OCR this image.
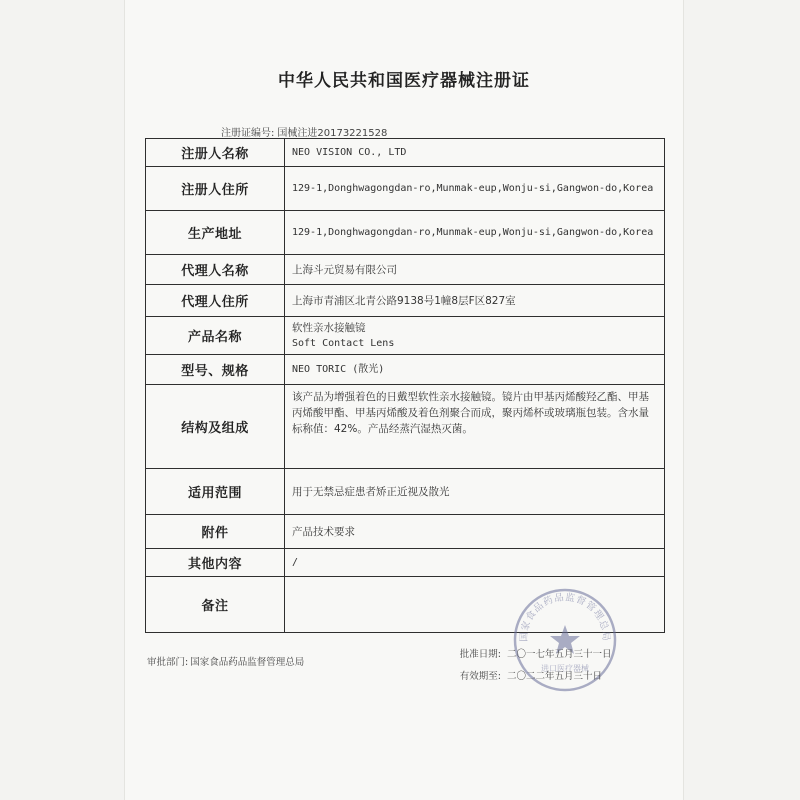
中华人民共和国医疗器械注册证
注册证编号: 国械注进20173221528
注册人名称	NEO VISION CO., LTD
注册人住所	129-1,Donghwagongdan-ro,Munmak-eup,Wonju-si,Gangwon-do,Korea
生产地址	129-1,Donghwagongdan-ro,Munmak-eup,Wonju-si,Gangwon-do,Korea
代理人名称	上海斗元贸易有限公司
代理人住所	上海市青浦区北青公路9138号1幢8层F区827室
产品名称	软性亲水接触镜
Soft Contact Lens

型号、规格	NEO TORIC (散光)
结构及组成	该产品为增强着色的日戴型软性亲水接触镜。镜片由甲基丙烯酸羟乙酯、甲基丙烯酸甲酯、甲基丙烯酸及着色剂聚合而成，聚丙烯杯或玻璃瓶包装。含水量标称值：42%。产品经蒸汽湿热灭菌。
适用范围	用于无禁忌症患者矫正近视及散光
附件	产品技术要求
其他内容	/
备注	
审批部门: 国家食品药品监督管理总局
国家食品药品监督管理总局
进口医疗器械
批准日期: 二〇一七年五月三十一日
有效期至: 二〇二二年五月三十日
